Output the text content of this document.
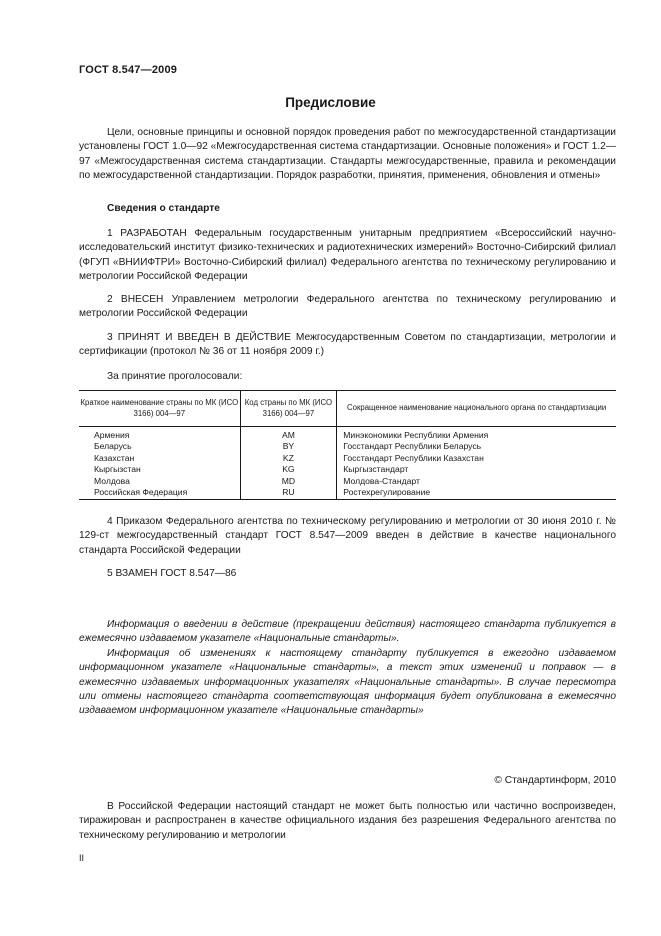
ГОСТ 8.547—2009
Предисловие

Цели, основные принципы и основной порядок проведения работ по межгосударственной стандартизации установлены ГОСТ 1.0—92 «Межгосударственная система стандартизации. Основные положения» и ГОСТ 1.2—97 «Межгосударственная система стандартизации. Стандарты межгосударственные, правила и рекомендации по межгосударственной стандартизации. Порядок разработки, принятия, применения, обновления и отмены»

Сведения о стандарте

1 РАЗРАБОТАН Федеральным государственным унитарным предприятием «Всероссийский научно-исследовательский институт физико-технических и радиотехнических измерений» Восточно-Сибирский филиал (ФГУП «ВНИИФТРИ» Восточно-Сибирский филиал) Федерального агентства по техническому регулированию и метрологии Российской Федерации

2 ВНЕСЕН Управлением метрологии Федерального агентства по техническому регулированию и метрологии Российской Федерации

3 ПРИНЯТ И ВВЕДЕН В ДЕЙСТВИЕ Межгосударственным Советом по стандартизации, метрологии и сертификации (протокол № 36 от 11 ноября 2009 г.)

За принятие проголосовали:
Краткое наименование страны по МК (ИСО 3166) 004—97	Код страны по МК (ИСО 3166) 004—97	Сокращенное наименование национального органа по стандартизации
Армения	AM	Минэкономики Республики Армения
Беларусь	BY	Госстандарт Республики Беларусь
Казахстан	KZ	Госстандарт Республики Казахстан
Кыргызстан	KG	Кыргызстандарт
Молдова	MD	Молдова-Стандарт
Российская Федерация	RU	Ростехрегулирование

4 Приказом Федерального агентства по техническому регулированию и метрологии от 30 июня 2010 г. № 129-ст межгосударственный стандарт ГОСТ 8.547—2009 введен в действие в качестве национального стандарта Российской Федерации

5 ВЗАМЕН ГОСТ 8.547—86

Информация о введении в действие (прекращении действия) настоящего стандарта публикуется в ежемесячно издаваемом указателе «Национальные стандарты».

Информация об изменениях к настоящему стандарту публикуется в ежегодно издаваемом информационном указателе «Национальные стандарты», а текст этих изменений и поправок — в ежемесячно издаваемых информационных указателях «Национальные стандарты». В случае пересмотра или отмены настоящего стандарта соответствующая информация будет опубликована в ежемесячно издаваемом информационном указателе «Национальные стандарты»

© Стандартинформ, 2010

В Российской Федерации настоящий стандарт не может быть полностью или частично воспроизведен, тиражирован и распространен в качестве официального издания без разрешения Федерального агентства по техническому регулированию и метрологии

II
